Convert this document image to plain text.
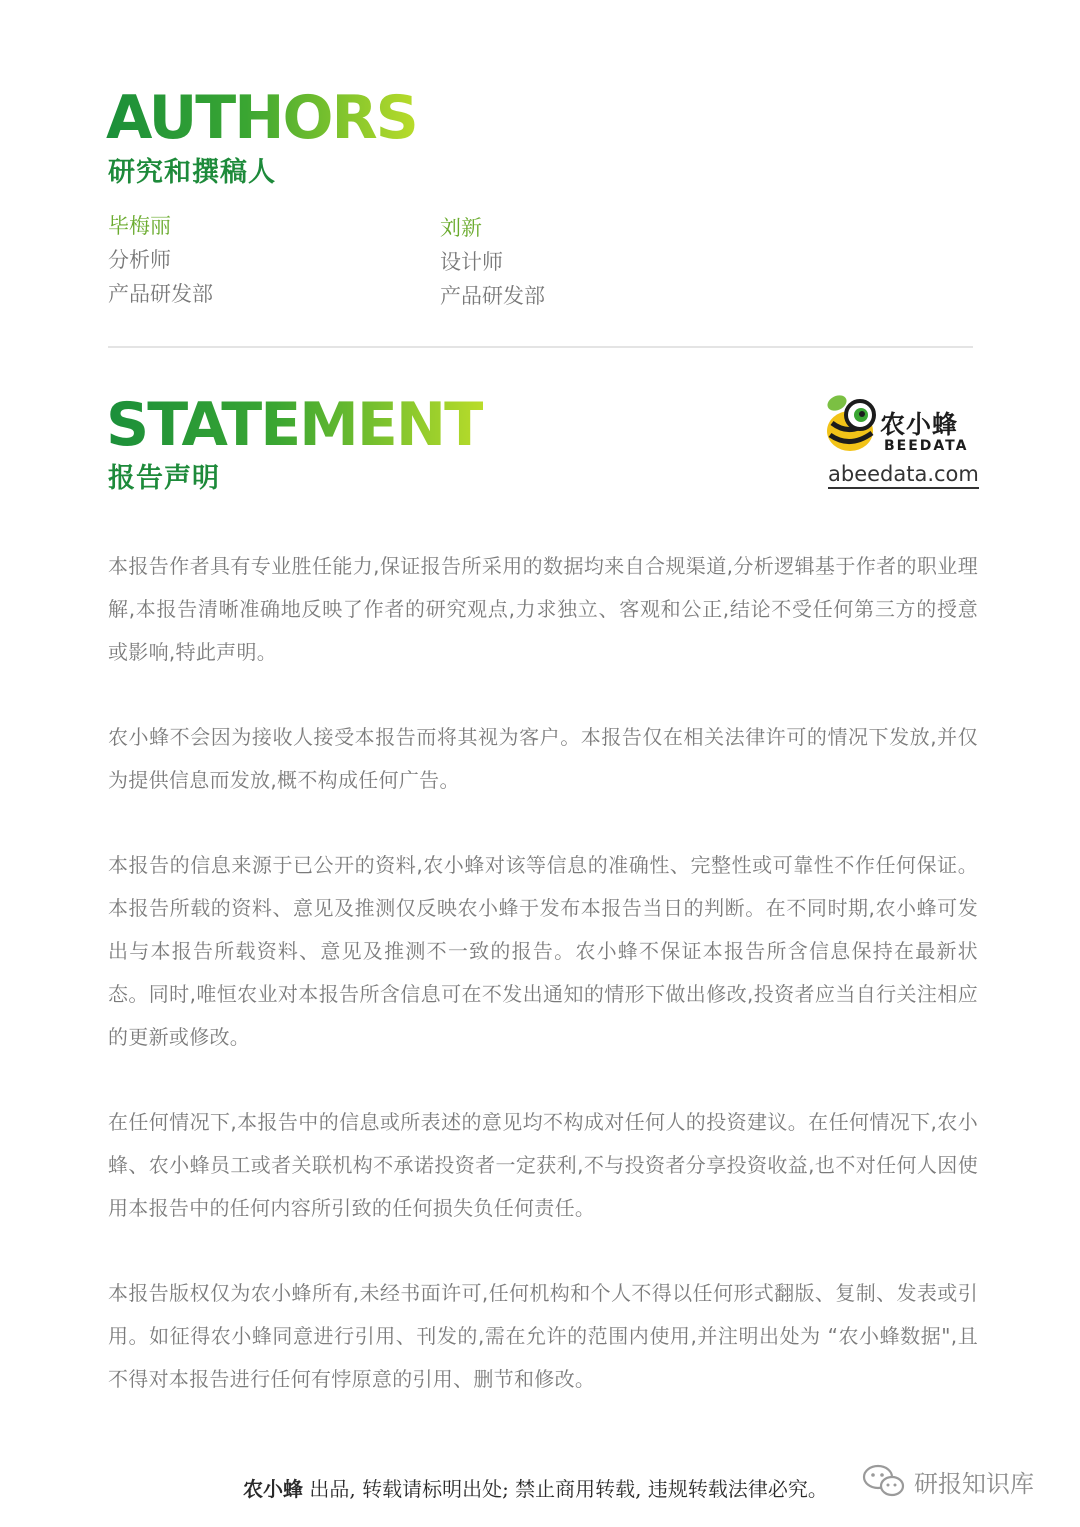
AUTHORS
研究和撰稿人
毕梅丽
分析师
产品研发部
刘新
设计师
产品研发部
STATEMENT
报告声明
农小蜂
BEEDATA
abeedata.com

本报告作者具有专业胜任能力,保证报告所采用的数据均来自合规渠道,分析逻辑基于作者的职业理解,本报告清晰准确地反映了作者的研究观点,力求独立、客观和公正,结论不受任何第三方的授意或影响,特此声明。

农小蜂不会因为接收人接受本报告而将其视为客户。本报告仅在相关法律许可的情况下发放,并仅为提供信息而发放,概不构成任何广告。

本报告的信息来源于已公开的资料,农小蜂对该等信息的准确性、完整性或可靠性不作任何保证。本报告所载的资料、意见及推测仅反映农小蜂于发布本报告当日的判断。在不同时期,农小蜂可发出与本报告所载资料、意见及推测不一致的报告。农小蜂不保证本报告所含信息保持在最新状态。同时,唯恒农业对本报告所含信息可在不发出通知的情形下做出修改,投资者应当自行关注相应的更新或修改。

在任何情况下,本报告中的信息或所表述的意见均不构成对任何人的投资建议。在任何情况下,农小蜂、农小蜂员工或者关联机构不承诺投资者一定获利,不与投资者分享投资收益,也不对任何人因使用本报告中的任何内容所引致的任何损失负任何责任。

本报告版权仅为农小蜂所有,未经书面许可,任何机构和个人不得以任何形式翻版、复制、发表或引用。如征得农小蜂同意进行引用、刊发的,需在允许的范围内使用,并注明出处为 “农小蜂数据",且不得对本报告进行任何有悖原意的引用、删节和修改。

农小蜂 出品, 转载请标明出处; 禁止商用转载, 违规转载法律必究。	研报知识库
